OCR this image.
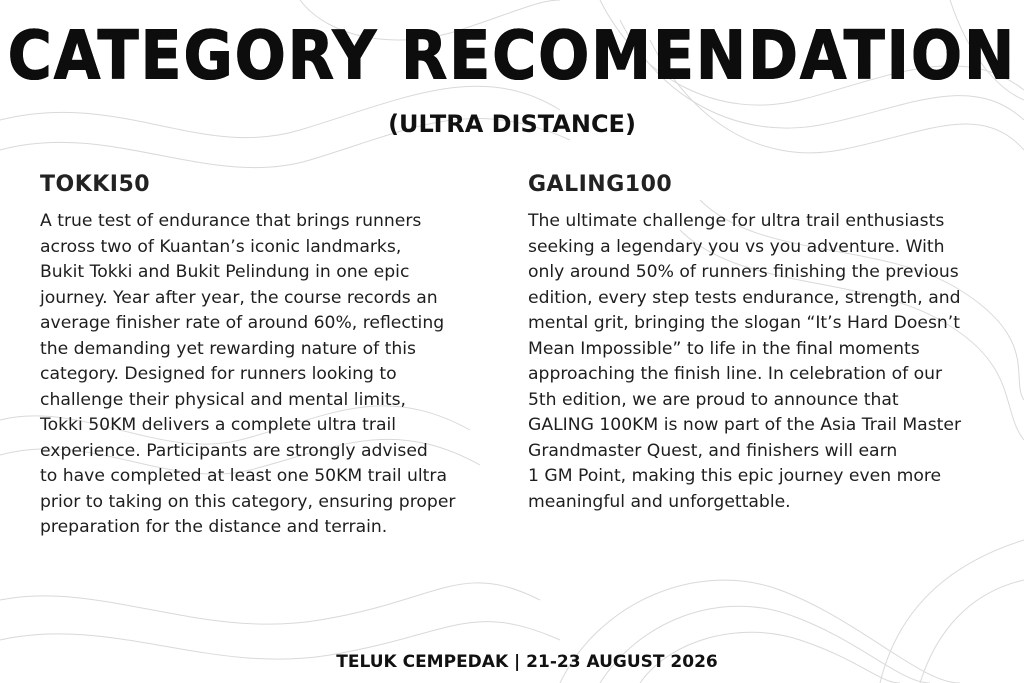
CATEGORY RECOMENDATION
(ULTRA DISTANCE)
TOKKI50

A true test of endurance that brings runners
across two of Kuantan’s iconic landmarks,
Bukit Tokki and Bukit Pelindung in one epic
journey. Year after year, the course records an
average finisher rate of around 60%, reflecting
the demanding yet rewarding nature of this
category. Designed for runners looking to
challenge their physical and mental limits,
Tokki 50KM delivers a complete ultra trail
experience. Participants are strongly advised
to have completed at least one 50KM trail ultra
prior to taking on this category, ensuring proper
preparation for the distance and terrain.

GALING100

The ultimate challenge for ultra trail enthusiasts
seeking a legendary you vs you adventure. With
only around 50% of runners finishing the previous
edition, every step tests endurance, strength, and
mental grit, bringing the slogan “It’s Hard Doesn’t
Mean Impossible” to life in the final moments
approaching the finish line. In celebration of our
5th edition, we are proud to announce that
GALING 100KM is now part of the Asia Trail Master
Grandmaster Quest, and finishers will earn
1 GM Point, making this epic journey even more
meaningful and unforgettable.

TELUK CEMPEDAK | 21-23 AUGUST 2026
